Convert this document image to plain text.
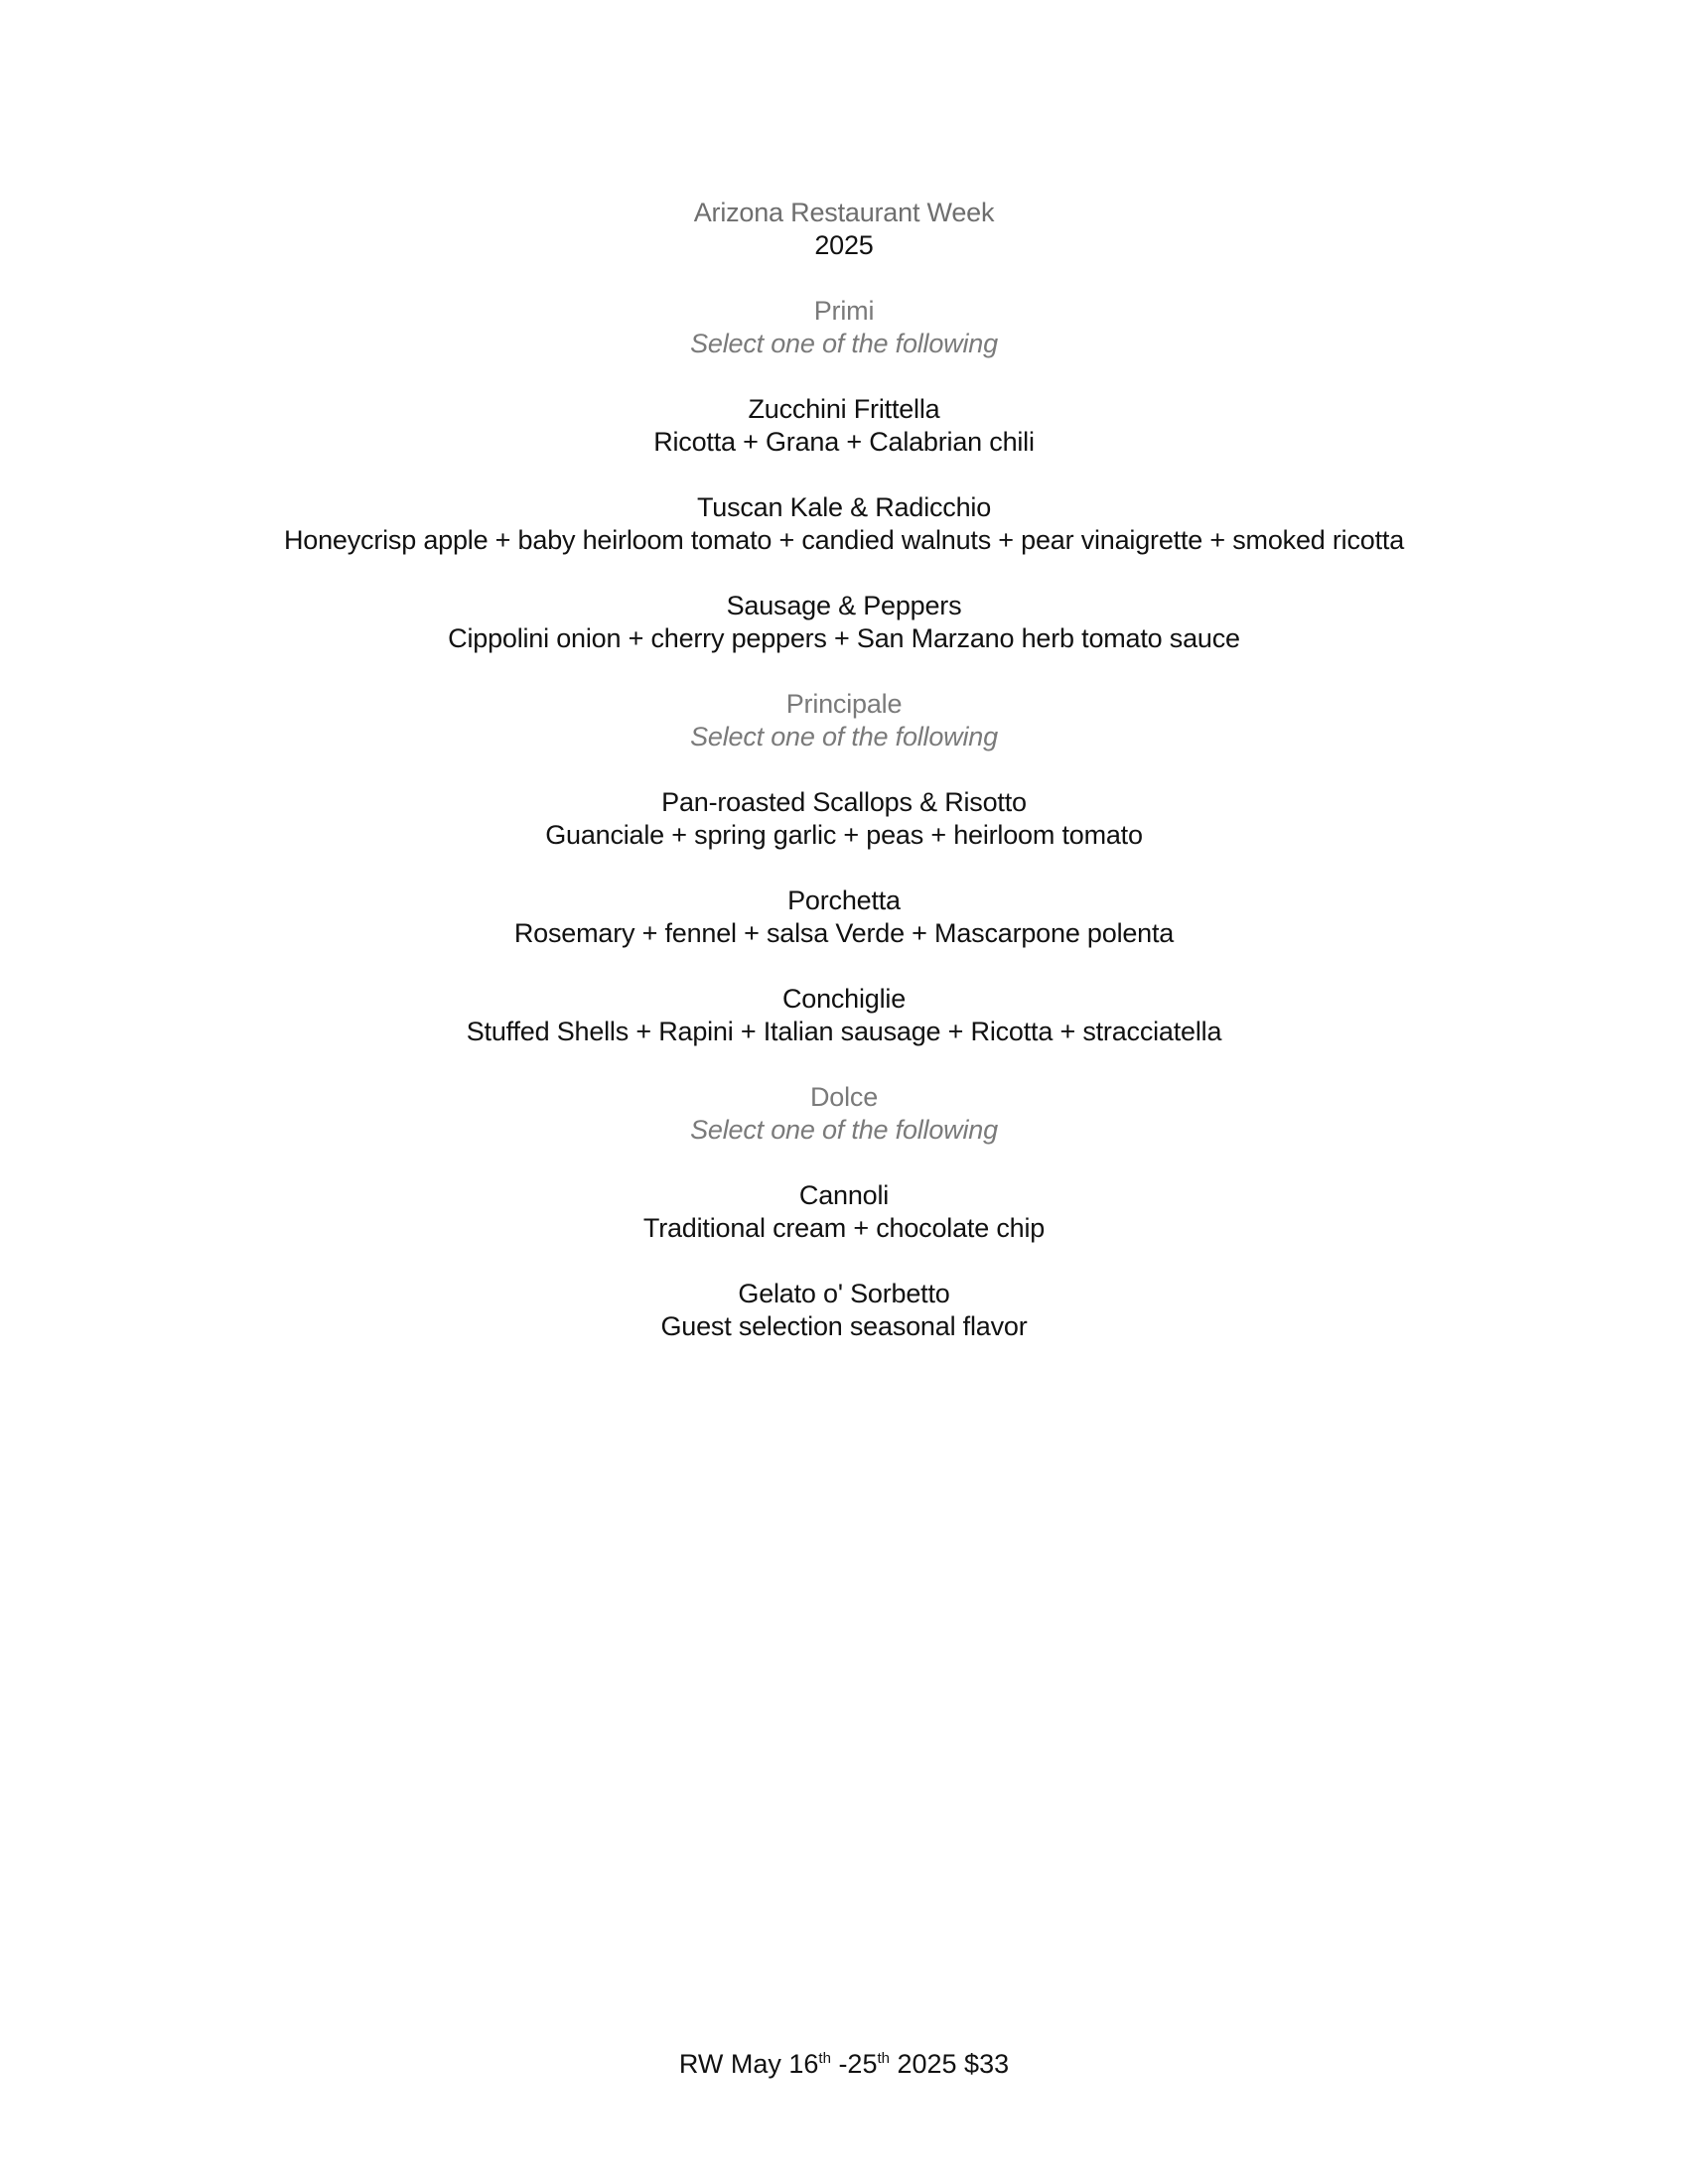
Arizona Restaurant Week
2025
Primi
Select one of the following
Zucchini Frittella
Ricotta + Grana + Calabrian chili
Tuscan Kale & Radicchio
Honeycrisp apple + baby heirloom tomato + candied walnuts + pear vinaigrette + smoked ricotta
Sausage & Peppers
Cippolini onion + cherry peppers + San Marzano herb tomato sauce
Principale
Select one of the following
Pan-roasted Scallops & Risotto
Guanciale + spring garlic + peas + heirloom tomato
Porchetta
Rosemary + fennel + salsa Verde + Mascarpone polenta
Conchiglie
Stuffed Shells + Rapini + Italian sausage + Ricotta + stracciatella
Dolce
Select one of the following
Cannoli
Traditional cream + chocolate chip
Gelato o' Sorbetto
Guest selection seasonal flavor
RW May 16th -25th 2025 $33
